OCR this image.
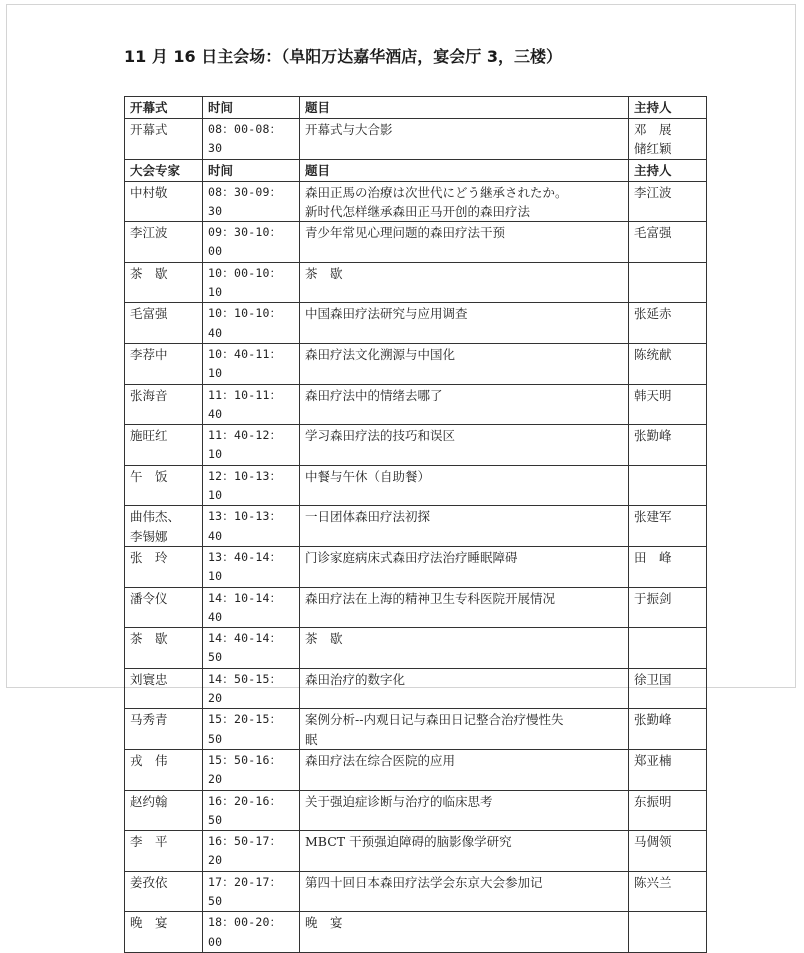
11 月 16 日主会场：（阜阳万达嘉华酒店，宴会厅 3，三楼）
开幕式	时间	题目	主持人

开幕式	08：00-08：30	开幕式与大合影	邓　展
储红颖

大会专家	时间	题目	主持人

中村敬	08：30-09：30	森田正馬の治療は次世代にどう継承されたか。
新时代怎样继承森田正马开创的森田疗法	李江波

李江波	09：30-10：00	青少年常见心理问题的森田疗法干预	毛富强

茶　歇	10：00-10：10	茶　歇	

毛富强	10：10-10：40	中国森田疗法研究与应用调查	张延赤

李荐中	10：40-11：10	森田疗法文化溯源与中国化	陈统献

张海音	11：10-11：40	森田疗法中的情绪去哪了	韩天明

施旺红	11：40-12：10	学习森田疗法的技巧和误区	张勤峰

午　饭	12：10-13：10	中餐与午休（自助餐）	

曲伟杰、
李锡娜	13：10-13：40	一日团体森田疗法初探	张建军

张　玲	13：40-14：10	门诊家庭病床式森田疗法治疗睡眠障碍	田　峰

潘令仪	14：10-14：40	森田疗法在上海的精神卫生专科医院开展情况	于振剑

茶　歇	14：40-14：50	茶　歇	

刘寰忠	14：50-15：20	森田治疗的数字化	徐卫国

马秀青	15：20-15：50	案例分析--内观日记与森田日记整合治疗慢性失
眠	张勤峰

戎　伟	15：50-16：20	森田疗法在综合医院的应用	郑亚楠

赵约翰	16：20-16：50	关于强迫症诊断与治疗的临床思考	东振明

李　平	16：50-17：20	MBCT 干预强迫障碍的脑影像学研究	马倜领

姜孜依	17：20-17：50	第四十回日本森田疗法学会东京大会参加记	陈兴兰

晚　宴	18：00-20：00	晚　宴	
